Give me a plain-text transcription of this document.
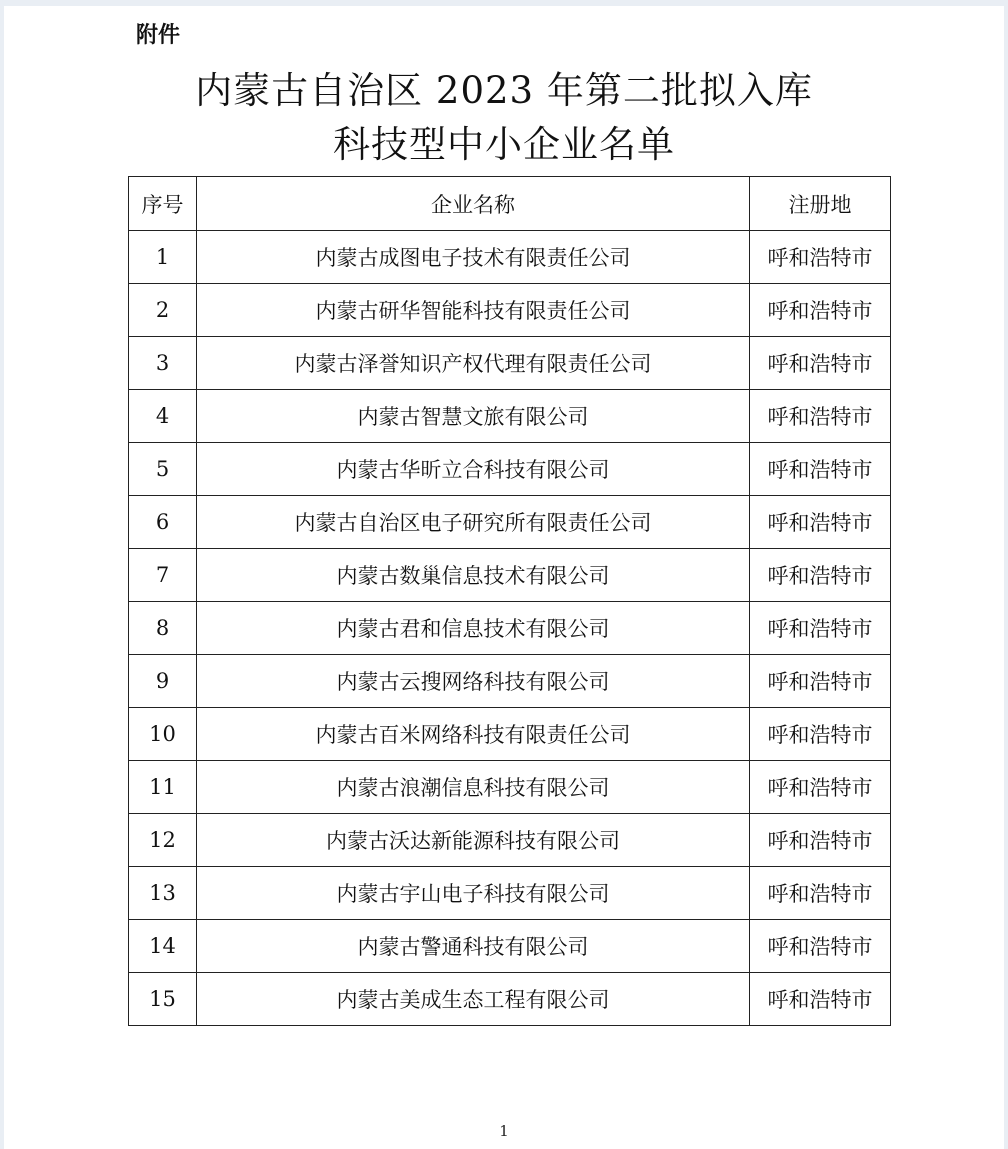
附件
内蒙古自治区 2023 年第二批拟入库
科技型中小企业名单
序号	企业名称	注册地
1	内蒙古成图电子技术有限责任公司	呼和浩特市
2	内蒙古研华智能科技有限责任公司	呼和浩特市
3	内蒙古泽誉知识产权代理有限责任公司	呼和浩特市
4	内蒙古智慧文旅有限公司	呼和浩特市
5	内蒙古华昕立合科技有限公司	呼和浩特市
6	内蒙古自治区电子研究所有限责任公司	呼和浩特市
7	内蒙古数巢信息技术有限公司	呼和浩特市
8	内蒙古君和信息技术有限公司	呼和浩特市
9	内蒙古云搜网络科技有限公司	呼和浩特市
10	内蒙古百米网络科技有限责任公司	呼和浩特市
11	内蒙古浪潮信息科技有限公司	呼和浩特市
12	内蒙古沃达新能源科技有限公司	呼和浩特市
13	内蒙古宇山电子科技有限公司	呼和浩特市
14	内蒙古警通科技有限公司	呼和浩特市
15	内蒙古美成生态工程有限公司	呼和浩特市
1
